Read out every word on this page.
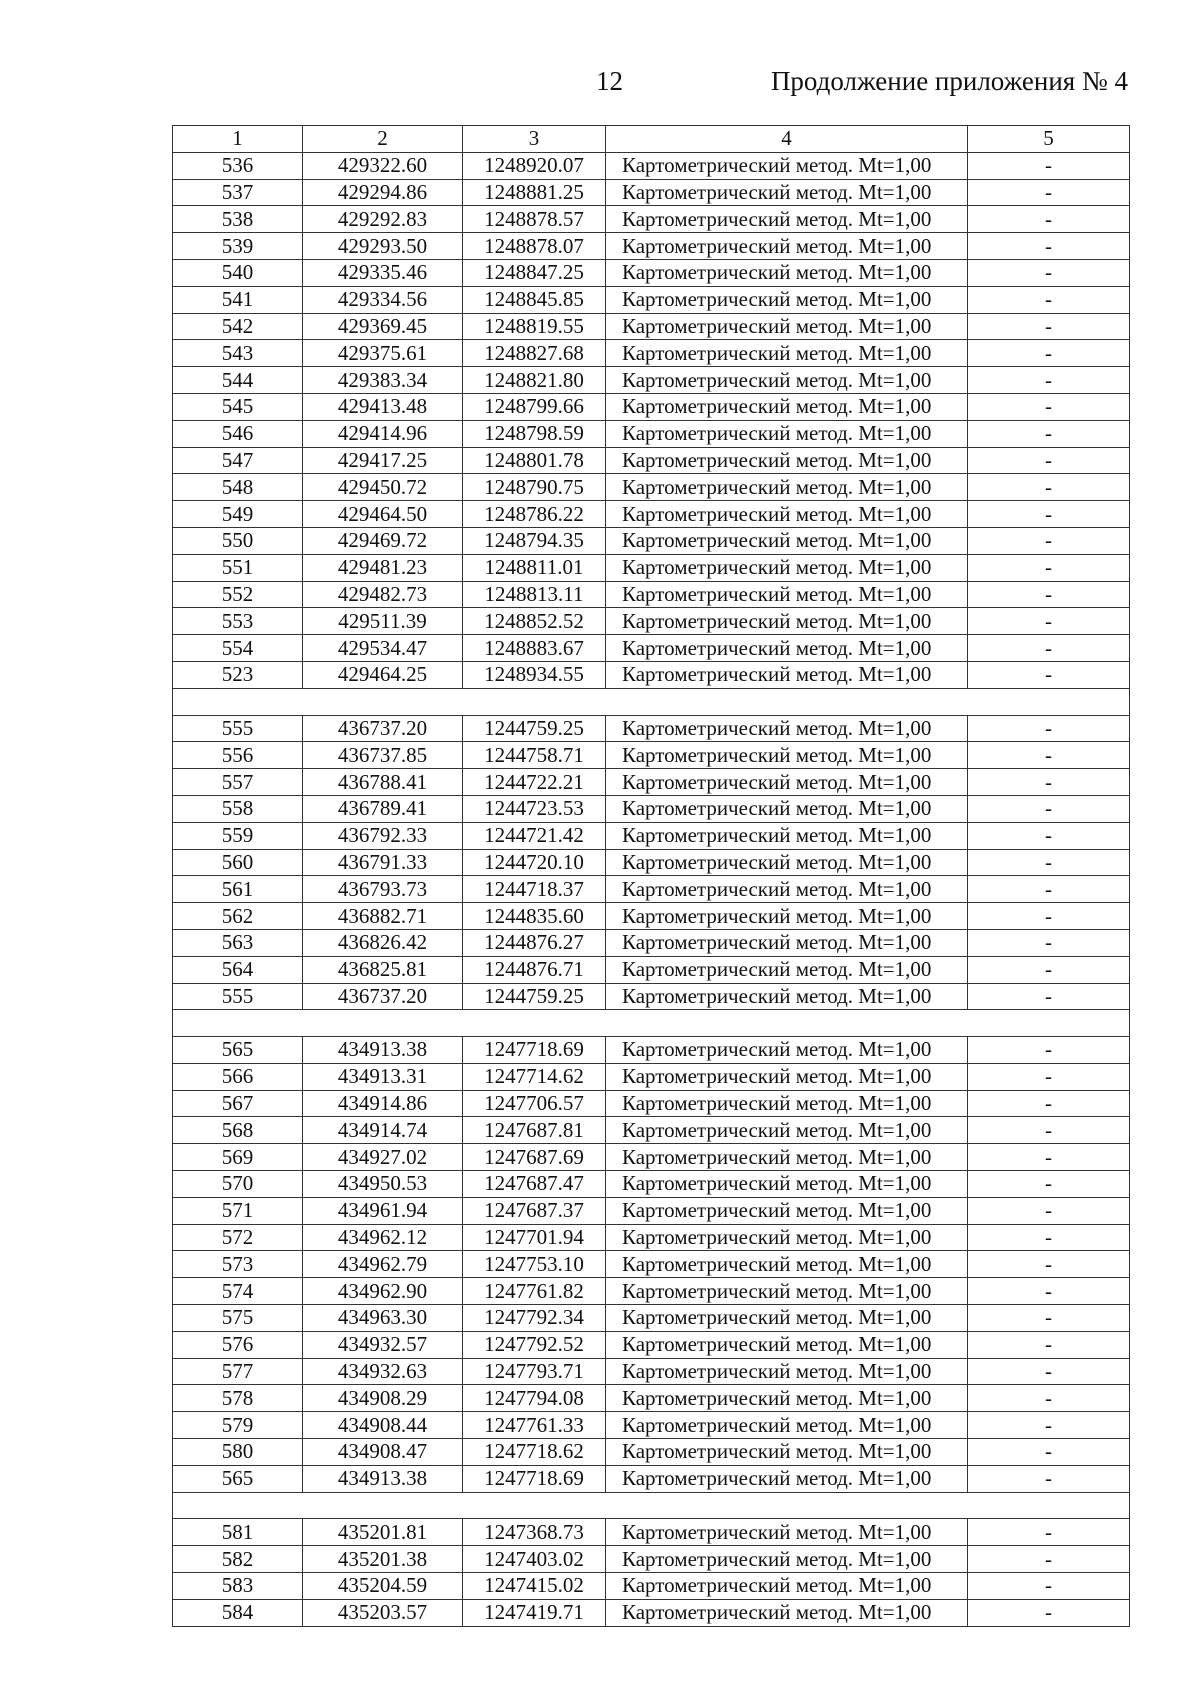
12	Продолжение приложения № 4
1	2	3	4	5
536	429322.60	1248920.07	Картометрический метод. Mt=1,00	-
537	429294.86	1248881.25	Картометрический метод. Mt=1,00	-
538	429292.83	1248878.57	Картометрический метод. Mt=1,00	-
539	429293.50	1248878.07	Картометрический метод. Mt=1,00	-
540	429335.46	1248847.25	Картометрический метод. Mt=1,00	-
541	429334.56	1248845.85	Картометрический метод. Mt=1,00	-
542	429369.45	1248819.55	Картометрический метод. Mt=1,00	-
543	429375.61	1248827.68	Картометрический метод. Mt=1,00	-
544	429383.34	1248821.80	Картометрический метод. Mt=1,00	-
545	429413.48	1248799.66	Картометрический метод. Mt=1,00	-
546	429414.96	1248798.59	Картометрический метод. Mt=1,00	-
547	429417.25	1248801.78	Картометрический метод. Mt=1,00	-
548	429450.72	1248790.75	Картометрический метод. Mt=1,00	-
549	429464.50	1248786.22	Картометрический метод. Mt=1,00	-
550	429469.72	1248794.35	Картометрический метод. Mt=1,00	-
551	429481.23	1248811.01	Картометрический метод. Mt=1,00	-
552	429482.73	1248813.11	Картометрический метод. Mt=1,00	-
553	429511.39	1248852.52	Картометрический метод. Mt=1,00	-
554	429534.47	1248883.67	Картометрический метод. Mt=1,00	-
523	429464.25	1248934.55	Картометрический метод. Mt=1,00	-

555	436737.20	1244759.25	Картометрический метод. Mt=1,00	-
556	436737.85	1244758.71	Картометрический метод. Mt=1,00	-
557	436788.41	1244722.21	Картометрический метод. Mt=1,00	-
558	436789.41	1244723.53	Картометрический метод. Mt=1,00	-
559	436792.33	1244721.42	Картометрический метод. Mt=1,00	-
560	436791.33	1244720.10	Картометрический метод. Mt=1,00	-
561	436793.73	1244718.37	Картометрический метод. Mt=1,00	-
562	436882.71	1244835.60	Картометрический метод. Mt=1,00	-
563	436826.42	1244876.27	Картометрический метод. Mt=1,00	-
564	436825.81	1244876.71	Картометрический метод. Mt=1,00	-
555	436737.20	1244759.25	Картометрический метод. Mt=1,00	-

565	434913.38	1247718.69	Картометрический метод. Mt=1,00	-
566	434913.31	1247714.62	Картометрический метод. Mt=1,00	-
567	434914.86	1247706.57	Картометрический метод. Mt=1,00	-
568	434914.74	1247687.81	Картометрический метод. Mt=1,00	-
569	434927.02	1247687.69	Картометрический метод. Mt=1,00	-
570	434950.53	1247687.47	Картометрический метод. Mt=1,00	-
571	434961.94	1247687.37	Картометрический метод. Mt=1,00	-
572	434962.12	1247701.94	Картометрический метод. Mt=1,00	-
573	434962.79	1247753.10	Картометрический метод. Mt=1,00	-
574	434962.90	1247761.82	Картометрический метод. Mt=1,00	-
575	434963.30	1247792.34	Картометрический метод. Mt=1,00	-
576	434932.57	1247792.52	Картометрический метод. Mt=1,00	-
577	434932.63	1247793.71	Картометрический метод. Mt=1,00	-
578	434908.29	1247794.08	Картометрический метод. Mt=1,00	-
579	434908.44	1247761.33	Картометрический метод. Mt=1,00	-
580	434908.47	1247718.62	Картометрический метод. Mt=1,00	-
565	434913.38	1247718.69	Картометрический метод. Mt=1,00	-

581	435201.81	1247368.73	Картометрический метод. Mt=1,00	-
582	435201.38	1247403.02	Картометрический метод. Mt=1,00	-
583	435204.59	1247415.02	Картометрический метод. Mt=1,00	-
584	435203.57	1247419.71	Картометрический метод. Mt=1,00	-
